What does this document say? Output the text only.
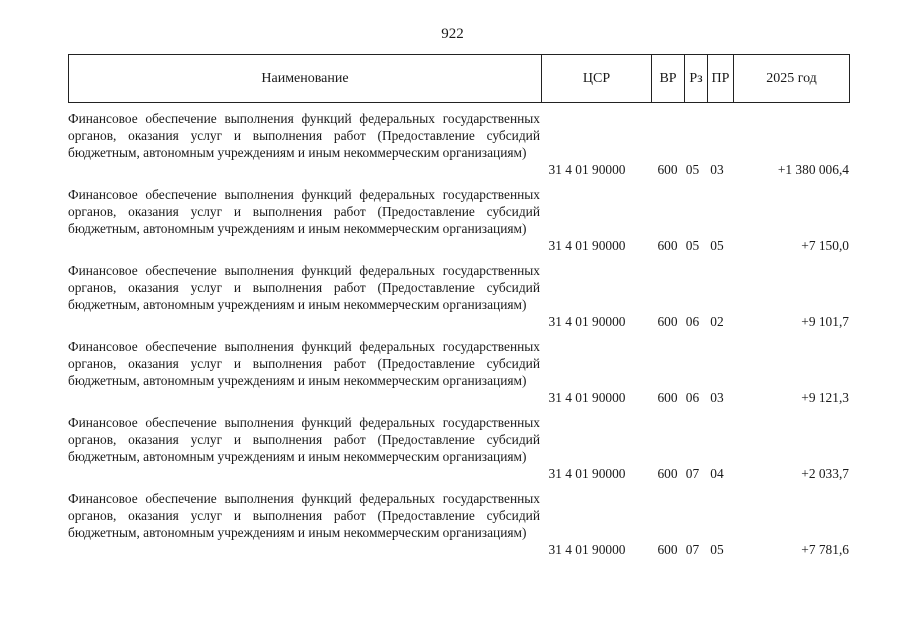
922
Наименование	ЦСР	ВР Рз ПР	2025 год
Финансовое обеспечение выполнения функций федеральных государственных органов, оказания услуг и выполнения работ (Предоставление субсидий бюджетным, автономным учреждениям и иным некоммерческим организациям)
31 4 01 90000	600 05 03	+1 380 006,4
Финансовое обеспечение выполнения функций федеральных государственных органов, оказания услуг и выполнения работ (Предоставление субсидий бюджетным, автономным учреждениям и иным некоммерческим организациям)
31 4 01 90000	600 05 05	+7 150,0
Финансовое обеспечение выполнения функций федеральных государственных органов, оказания услуг и выполнения работ (Предоставление субсидий бюджетным, автономным учреждениям и иным некоммерческим организациям)
31 4 01 90000	600 06 02	+9 101,7
Финансовое обеспечение выполнения функций федеральных государственных органов, оказания услуг и выполнения работ (Предоставление субсидий бюджетным, автономным учреждениям и иным некоммерческим организациям)
31 4 01 90000	600 06 03	+9 121,3
Финансовое обеспечение выполнения функций федеральных государственных органов, оказания услуг и выполнения работ (Предоставление субсидий бюджетным, автономным учреждениям и иным некоммерческим организациям)
31 4 01 90000	600 07 04	+2 033,7
Финансовое обеспечение выполнения функций федеральных государственных органов, оказания услуг и выполнения работ (Предоставление субсидий бюджетным, автономным учреждениям и иным некоммерческим организациям)
31 4 01 90000	600 07 05	+7 781,6
